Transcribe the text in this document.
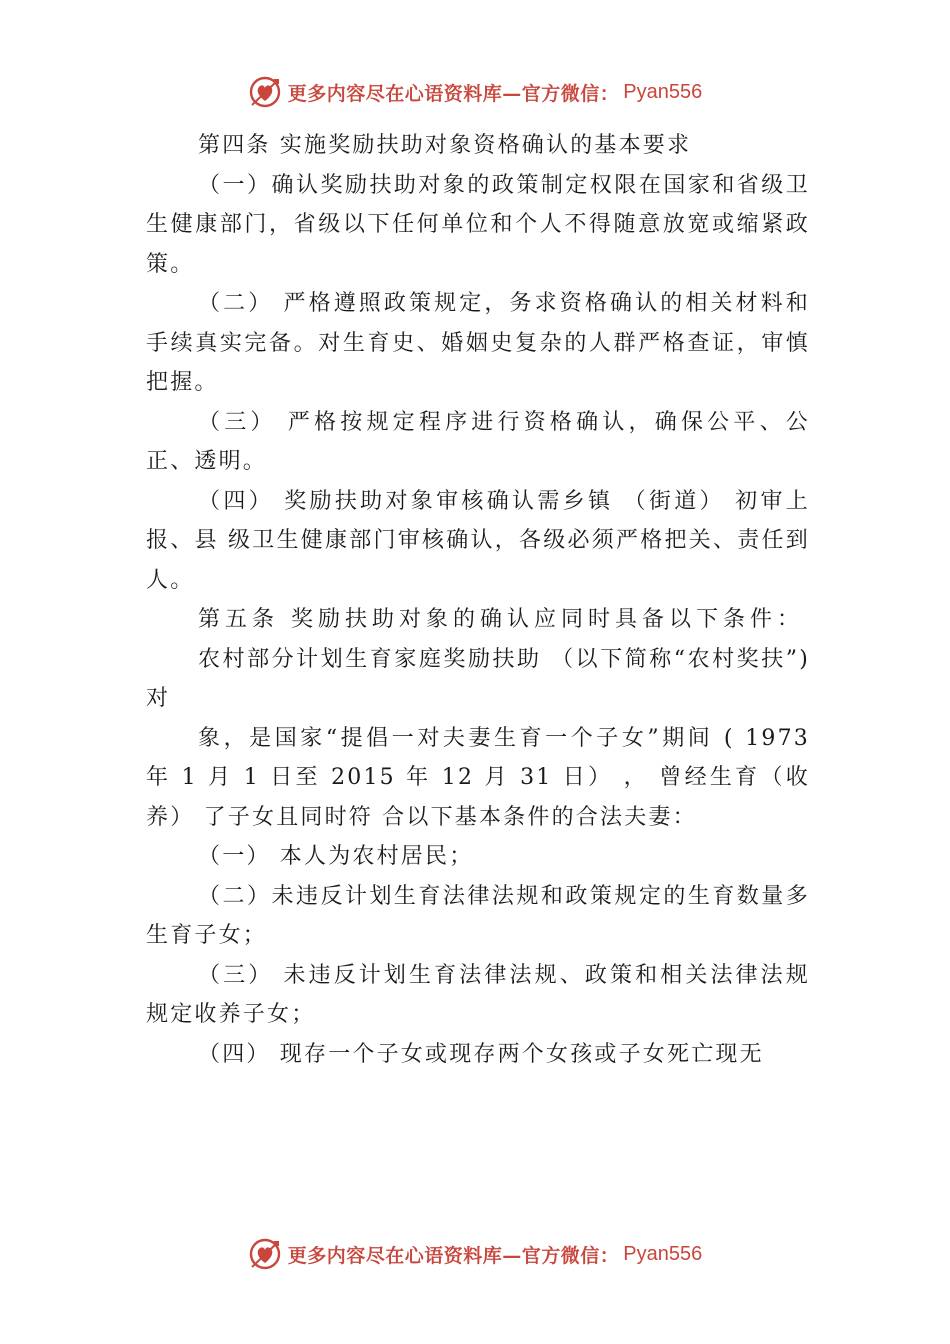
更多内容尽在心语资料库—官方微信： Pyan556

第四条 实施奖励扶助对象资格确认的基本要求

（一）确认奖励扶助对象的政策制定权限在国家和省级卫生健康部门，省级以下任何单位和个人不得随意放宽或缩紧政策。

（二） 严格遵照政策规定，务求资格确认的相关材料和手续真实完备。对生育史、婚姻史复杂的人群严格查证，审慎把握。

（三） 严格按规定程序进行资格确认，确保公平、公正、透明。

（四） 奖励扶助对象审核确认需乡镇 （街道） 初审上报、县 级卫生健康部门审核确认，各级必须严格把关、责任到人。

第五条 奖励扶助对象的确认应同时具备以下条件：

农村部分计划生育家庭奖励扶助 （以下简称“农村奖扶”) 对

象，是国家“提倡一对夫妻生育一个子女”期间 ( 1973 年 1 月 1 日至 2015 年 12 月 31 日） ， 曾经生育（收养） 了子女且同时符 合以下基本条件的合法夫妻：

（一） 本人为农村居民；

（二）未违反计划生育法律法规和政策规定的生育数量多生育子女；

（三） 未违反计划生育法律法规、政策和相关法律法规规定收养子女；

（四） 现存一个子女或现存两个女孩或子女死亡现无

更多内容尽在心语资料库—官方微信： Pyan556
